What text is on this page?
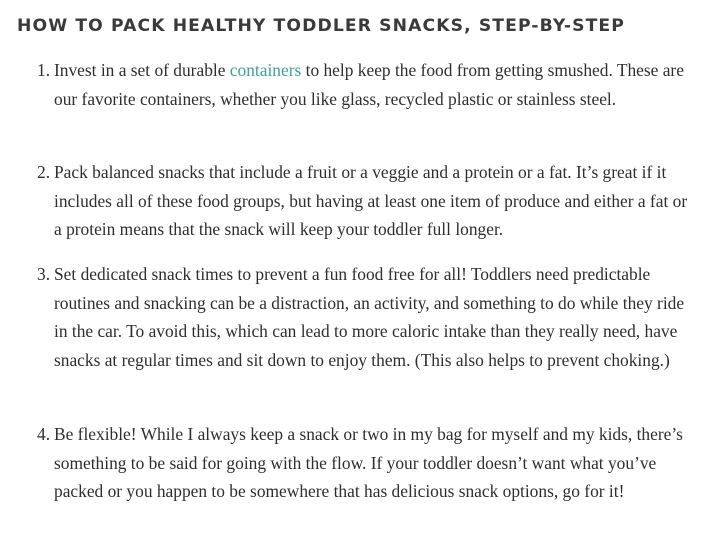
HOW TO PACK HEALTHY TODDLER SNACKS, STEP-BY-STEP
1. Invest in a set of durable containers to help keep the food from getting smushed. These are our favorite containers, whether you like glass, recycled plastic or stainless steel.
2. Pack balanced snacks that include a fruit or a veggie and a protein or a fat. It’s great if it includes all of these food groups, but having at least one item of produce and either a fat or a protein means that the snack will keep your toddler full longer.
3. Set dedicated snack times to prevent a fun food free for all! Toddlers need predictable routines and snacking can be a distraction, an activity, and something to do while they ride in the car. To avoid this, which can lead to more caloric intake than they really need, have snacks at regular times and sit down to enjoy them. (This also helps to prevent choking.)
4. Be flexible! While I always keep a snack or two in my bag for myself and my kids, there’s something to be said for going with the flow. If your toddler doesn’t want what you’ve packed or you happen to be somewhere that has delicious snack options, go for it!
